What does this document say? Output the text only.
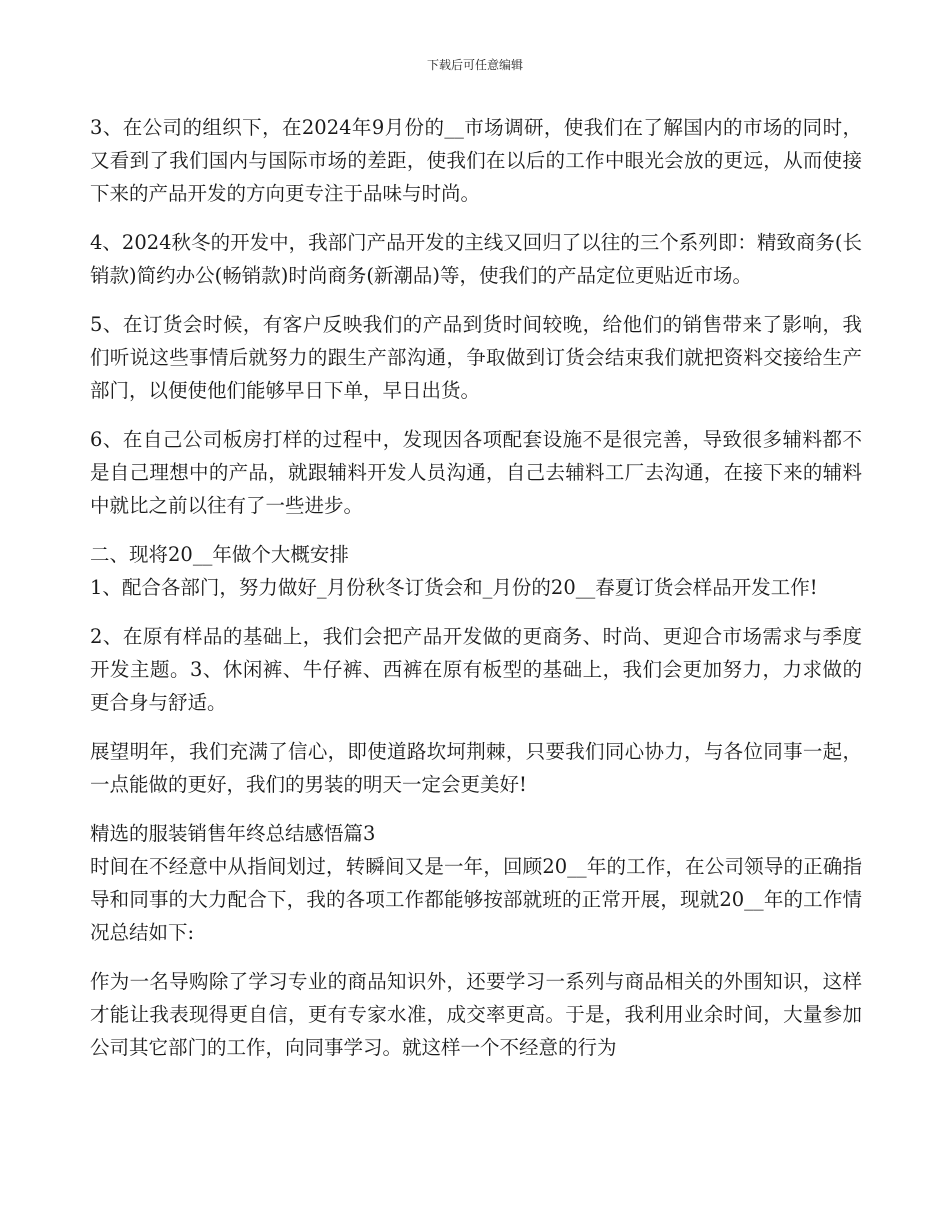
下载后可任意编辑

3、在公司的组织下，在2024年9月份的__市场调研，使我们在了解国内的市场的同时，又看到了我们国内与国际市场的差距，使我们在以后的工作中眼光会放的更远，从而使接下来的产品开发的方向更专注于品味与时尚。

4、2024秋冬的开发中，我部门产品开发的主线又回归了以往的三个系列即：精致商务(长销款)简约办公(畅销款)时尚商务(新潮品)等，使我们的产品定位更贴近市场。

5、在订货会时候，有客户反映我们的产品到货时间较晚，给他们的销售带来了影响，我们听说这些事情后就努力的跟生产部沟通，争取做到订货会结束我们就把资料交接给生产部门，以便使他们能够早日下单，早日出货。

6、在自己公司板房打样的过程中，发现因各项配套设施不是很完善，导致很多辅料都不是自己理想中的产品，就跟辅料开发人员沟通，自己去辅料工厂去沟通，在接下来的辅料中就比之前以往有了一些进步。

二、现将20__年做个大概安排

1、配合各部门，努力做好_月份秋冬订货会和_月份的20__春夏订货会样品开发工作!

2、在原有样品的基础上，我们会把产品开发做的更商务、时尚、更迎合市场需求与季度开发主题。3、休闲裤、牛仔裤、西裤在原有板型的基础上，我们会更加努力，力求做的更合身与舒适。

展望明年，我们充满了信心，即使道路坎坷荆棘，只要我们同心协力，与各位同事一起，一点能做的更好，我们的男装的明天一定会更美好!

精选的服装销售年终总结感悟篇3

时间在不经意中从指间划过，转瞬间又是一年，回顾20__年的工作，在公司领导的正确指导和同事的大力配合下，我的各项工作都能够按部就班的正常开展，现就20__年的工作情况总结如下:

作为一名导购除了学习专业的商品知识外，还要学习一系列与商品相关的外围知识，这样才能让我表现得更自信，更有专家水准，成交率更高。于是，我利用业余时间，大量参加公司其它部门的工作，向同事学习。就这样一个不经意的行为
